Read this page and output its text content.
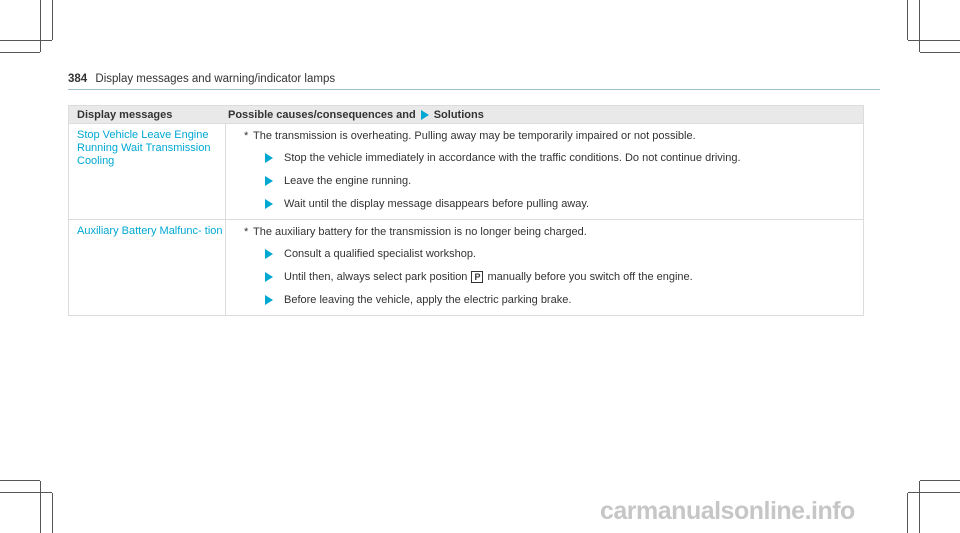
384 Display messages and warning/indicator lamps
Display messages	Possible causes/consequences and Solutions
Stop Vehicle Leave Engine Running Wait Transmission Cooling
* The transmission is overheating. Pulling away may be temporarily impaired or not possible.
Stop the vehicle immediately in accordance with the traffic conditions. Do not continue driving.
Leave the engine running.
Wait until the display message disappears before pulling away.
Auxiliary Battery Malfunc- tion	* The auxiliary battery for the transmission is no longer being charged.
Consult a qualified specialist workshop.
Until then, always select park position P manually before you switch off the engine.
Before leaving the vehicle, apply the electric parking brake.
carmanualsonline.info
